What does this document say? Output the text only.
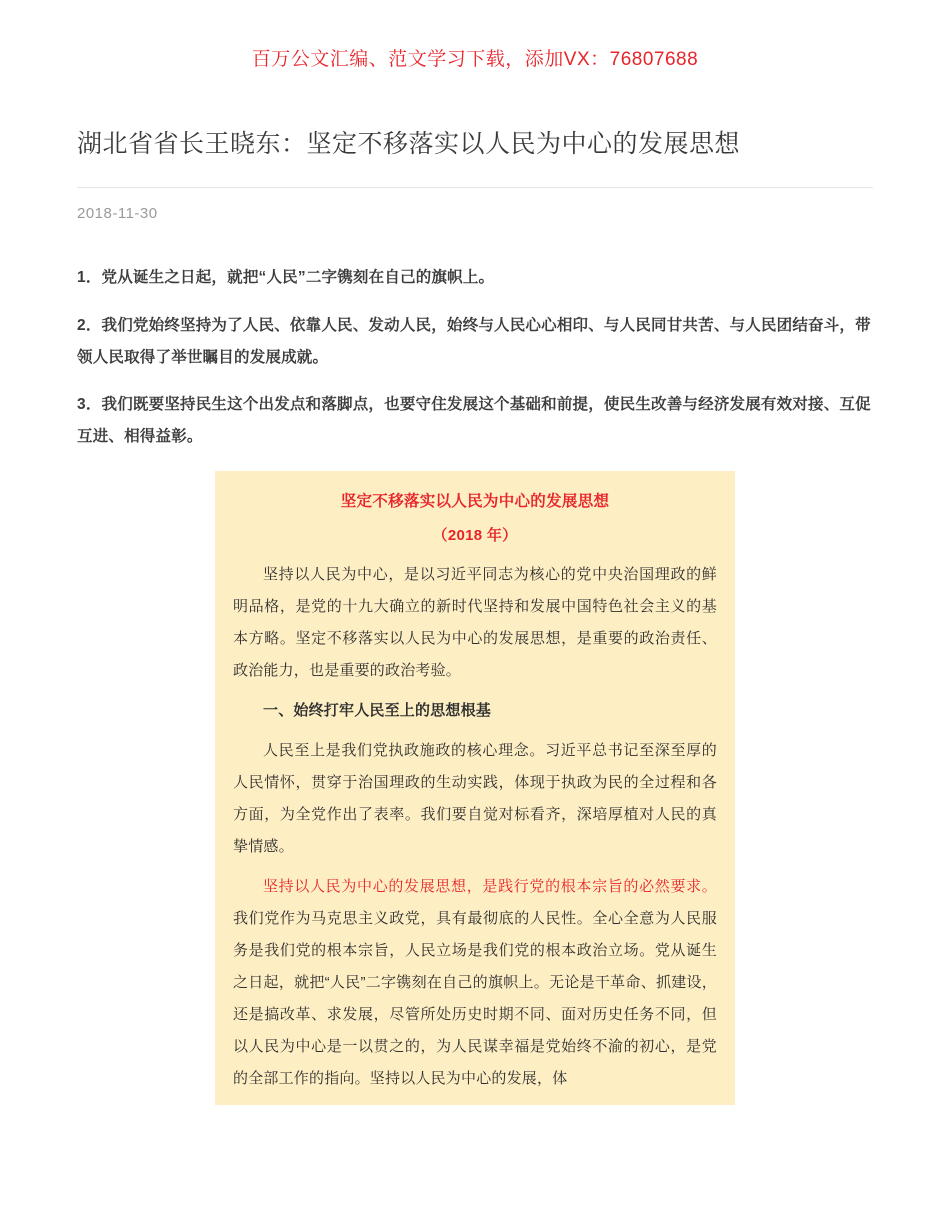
百万公文汇编、范文学习下载，添加VX：76807688
湖北省省长王晓东：坚定不移落实以人民为中心的发展思想
2018-11-30

1．党从诞生之日起，就把“人民”二字镌刻在自己的旗帜上。

2．我们党始终坚持为了人民、依靠人民、发动人民，始终与人民心心相印、与人民同甘共苦、与人民团结奋斗，带领人民取得了举世瞩目的发展成就。

3．我们既要坚持民生这个出发点和落脚点，也要守住发展这个基础和前提，使民生改善与经济发展有效对接、互促互进、相得益彰。

坚定不移落实以人民为中心的发展思想
（2018 年）

坚持以人民为中心，是以习近平同志为核心的党中央治国理政的鲜明品格，是党的十九大确立的新时代坚持和发展中国特色社会主义的基本方略。坚定不移落实以人民为中心的发展思想，是重要的政治责任、政治能力，也是重要的政治考验。

一、始终打牢人民至上的思想根基

人民至上是我们党执政施政的核心理念。习近平总书记至深至厚的人民情怀，贯穿于治国理政的生动实践，体现于执政为民的全过程和各方面，为全党作出了表率。我们要自觉对标看齐，深培厚植对人民的真挚情感。

坚持以人民为中心的发展思想，是践行党的根本宗旨的必然要求。我们党作为马克思主义政党，具有最彻底的人民性。全心全意为人民服务是我们党的根本宗旨，人民立场是我们党的根本政治立场。党从诞生之日起，就把“人民”二字镌刻在自己的旗帜上。无论是干革命、抓建设，还是搞改革、求发展，尽管所处历史时期不同、面对历史任务不同，但以人民为中心是一以贯之的，为人民谋幸福是党始终不渝的初心，是党的全部工作的指向。坚持以人民为中心的发展，体
